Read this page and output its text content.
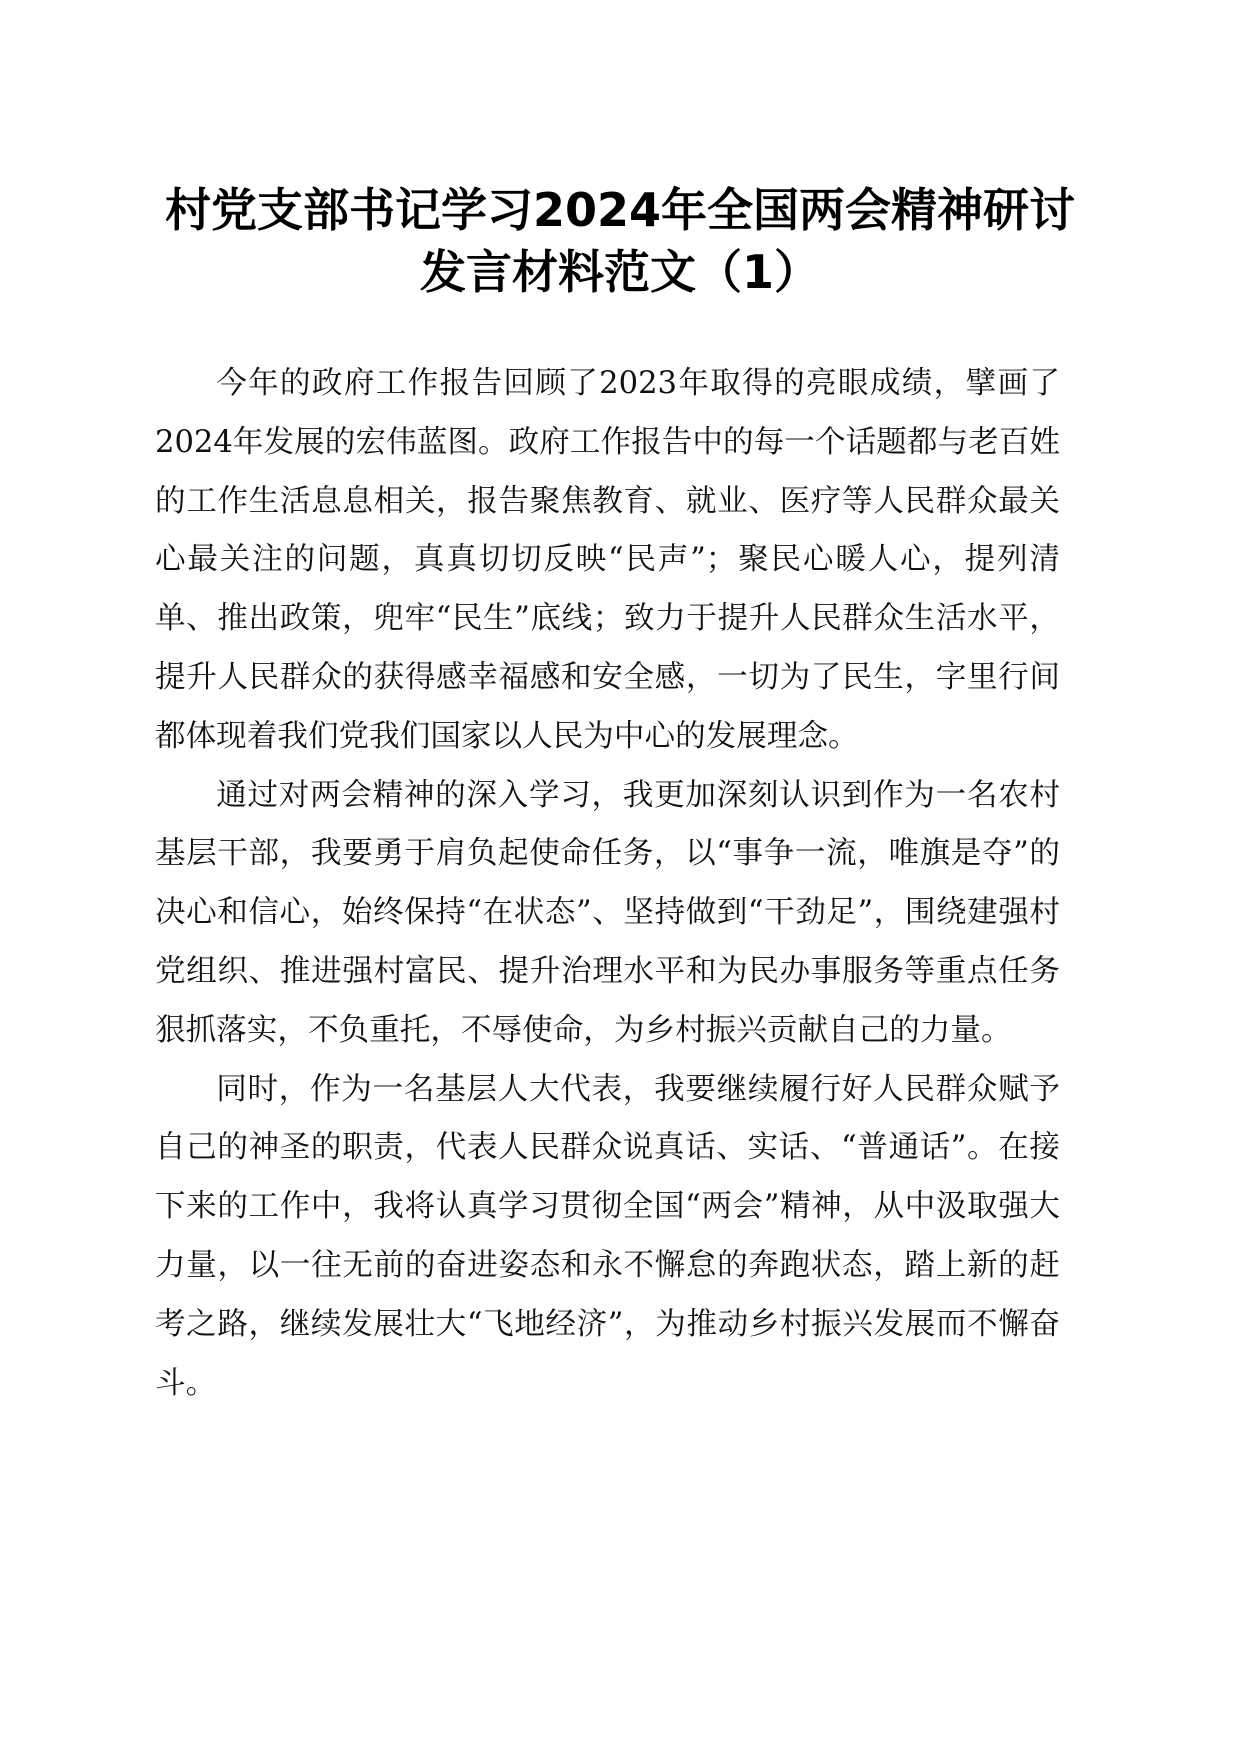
村党支部书记学习2024年全国两会精神研讨
发言材料范文（1）

今年的政府工作报告回顾了2023年取得的亮眼成绩，擘画了2024年发展的宏伟蓝图。政府工作报告中的每一个话题都与老百姓的工作生活息息相关，报告聚焦教育、就业、医疗等人民群众最关心最关注的问题，真真切切反映“民声”；聚民心暖人心，提列清单、推出政策，兜牢“民生”底线；致力于提升人民群众生活水平，提升人民群众的获得感幸福感和安全感，一切为了民生，字里行间都体现着我们党我们国家以人民为中心的发展理念。

通过对两会精神的深入学习，我更加深刻认识到作为一名农村基层干部，我要勇于肩负起使命任务，以“事争一流，唯旗是夺”的决心和信心，始终保持“在状态”、坚持做到“干劲足”，围绕建强村党组织、推进强村富民、提升治理水平和为民办事服务等重点任务狠抓落实，不负重托，不辱使命，为乡村振兴贡献自己的力量。

同时，作为一名基层人大代表，我要继续履行好人民群众赋予自己的神圣的职责，代表人民群众说真话、实话、“普通话”。在接下来的工作中，我将认真学习贯彻全国“两会”精神，从中汲取强大力量，以一往无前的奋进姿态和永不懈怠的奔跑状态，踏上新的赶考之路，继续发展壮大“飞地经济”，为推动乡村振兴发展而不懈奋斗。
